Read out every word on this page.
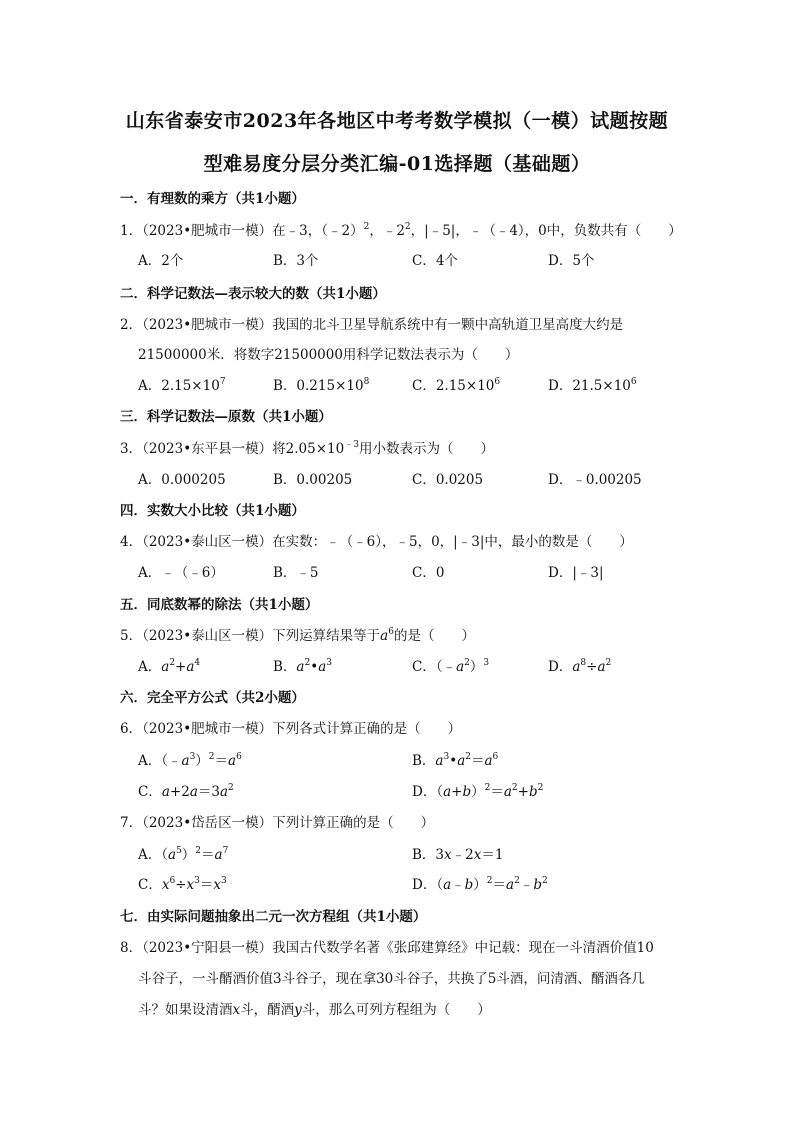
山东省泰安市2023年各地区中考考数学模拟（一模）试题按题
型难易度分层分类汇编-01选择题（基础题）
一．有理数的乘方（共1小题）
1．（2023•肥城市一模）在﹣3，（﹣2）$^2$，$﹣2^2$，|﹣5|，﹣（﹣4），0中，负数共有（　　）
A．2个	B．3个	C．4个	D．5个
二．科学记数法—表示较大的数（共1小题）
2．（2023•肥城市一模）我国的北斗卫星导航系统中有一颗中高轨道卫星高度大约是
21500000米．将数字21500000用科学记数法表示为（　　）
A．$2.15\times 10^7$	B．$0.215\times 10^8$	C．$2.15\times 10^6$	D．$21.5\times 10^6$
三．科学记数法—原数（共1小题）
3．（2023•东平县一模）将$2.05\times 10^{﹣3}$用小数表示为（　　）
A．0.000205	B．0.00205	C．0.0205	D．﹣0.00205
四．实数大小比较（共1小题）
4．（2023•泰山区一模）在实数：﹣（﹣6），﹣5，0，|﹣3|中，最小的数是（　　）
A．﹣（﹣6）	B．﹣5	C．0	D．|﹣3|
五．同底数幂的除法（共1小题）
5．（2023•泰山区一模）下列运算结果等于$a^6$的是（　　）
A．$a^2+a^4$	B．$a^2•a^3$	C．$(﹣a^2)^3$	D．$a^8\div a^2$
六．完全平方公式（共2小题）
6．（2023•肥城市一模）下列各式计算正确的是（　　）
A．$(﹣a^3)^2=a^6$	B．$a^3•a^2=a^6$
C．$a+2a=3a^2$	D．$(a+b)^2=a^2+b^2$
7．（2023•岱岳区一模）下列计算正确的是（　　）
A．$(a^5)^2=a^7$	B．3x﹣2x＝1
C．$x^6\div x^3=x^3$	D．$(a﹣b)^2=a^2﹣b^2$
七．由实际问题抽象出二元一次方程组（共1小题）
8．（2023•宁阳县一模）我国古代数学名著《张邱建算经》中记载：现在一斗清酒价值10
斗谷子，一斗醑酒价值3斗谷子，现在拿30斗谷子，共换了5斗酒，问清酒、醑酒各几
斗？如果设清酒x斗，醑酒y斗，那么可列方程组为（　　）
